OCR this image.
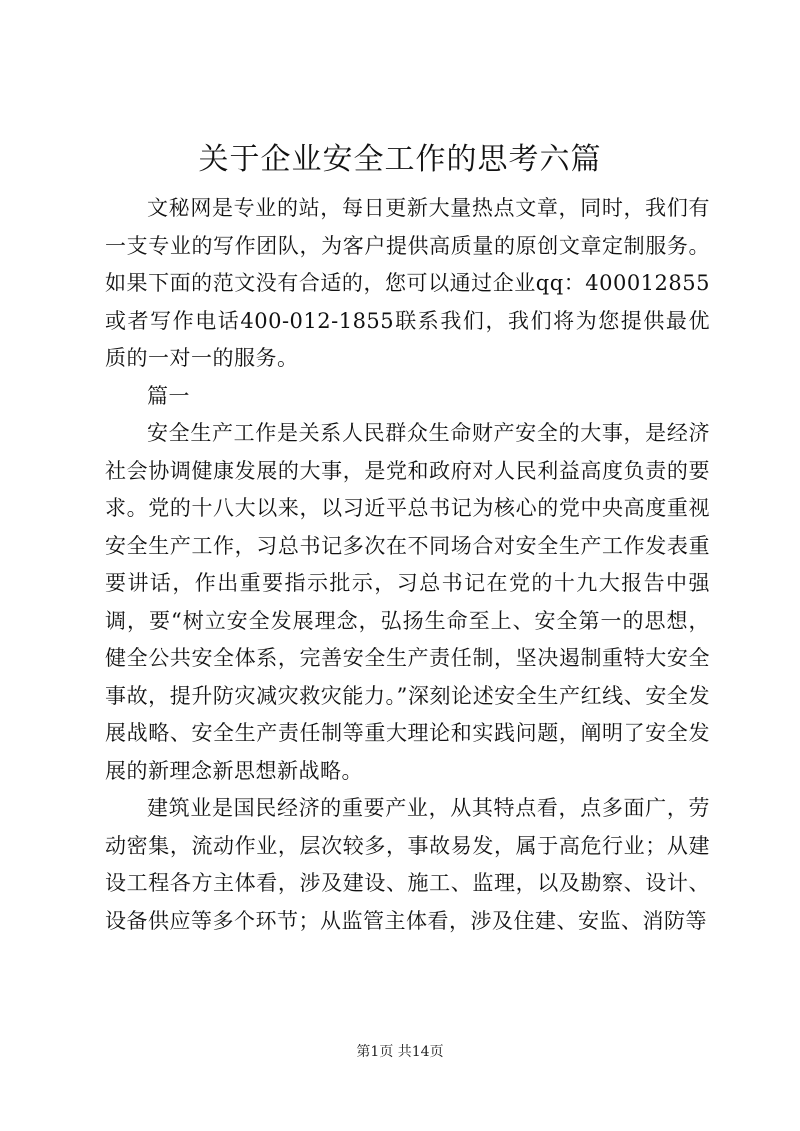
关于企业安全工作的思考六篇

文秘网是专业的站，每日更新大量热点文章，同时，我们有一支专业的写作团队，为客户提供高质量的原创文章定制服务。如果下面的范文没有合适的，您可以通过企业qq：400012855或者写作电话400-012-1855联系我们，我们将为您提供最优质的一对一的服务。

篇一

安全生产工作是关系人民群众生命财产安全的大事，是经济社会协调健康发展的大事，是党和政府对人民利益高度负责的要求。党的十八大以来，以习近平总书记为核心的党中央高度重视安全生产工作，习总书记多次在不同场合对安全生产工作发表重要讲话，作出重要指示批示，习总书记在党的十九大报告中强调，要“树立安全发展理念，弘扬生命至上、安全第一的思想，健全公共安全体系，完善安全生产责任制，坚决遏制重特大安全事故，提升防灾减灾救灾能力。”深刻论述安全生产红线、安全发展战略、安全生产责任制等重大理论和实践问题，阐明了安全发展的新理念新思想新战略。

建筑业是国民经济的重要产业，从其特点看，点多面广，劳动密集，流动作业，层次较多，事故易发，属于高危行业；从建设工程各方主体看，涉及建设、施工、监理，以及勘察、设计、设备供应等多个环节；从监管主体看，涉及住建、安监、消防等

第1页 共14页
